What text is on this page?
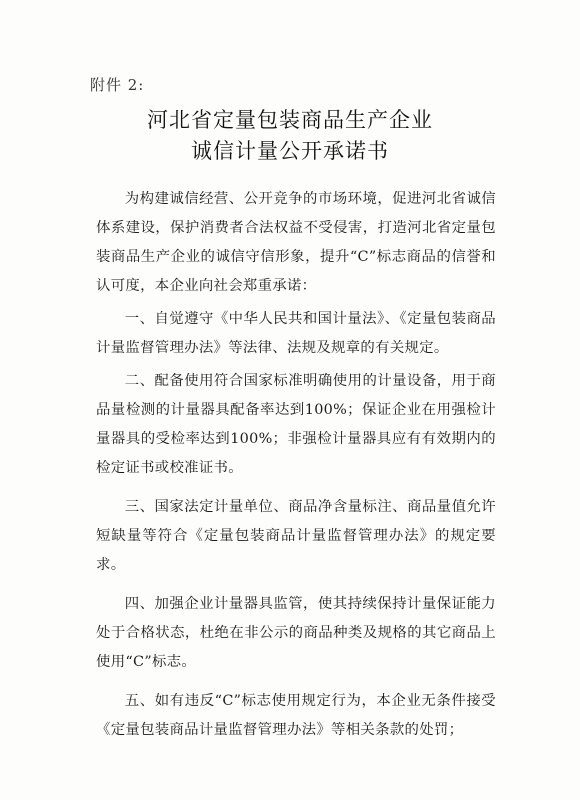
附件 2:
河北省定量包装商品生产企业
诚信计量公开承诺书

为构建诚信经营、公开竞争的市场环境，促进河北省诚信体系建设，保护消费者合法权益不受侵害，打造河北省定量包装商品生产企业的诚信守信形象，提升“C”标志商品的信誉和认可度，本企业向社会郑重承诺：

一、自觉遵守《中华人民共和国计量法》、《定量包装商品计量监督管理办法》等法律、法规及规章的有关规定。

二、配备使用符合国家标准明确使用的计量设备，用于商品量检测的计量器具配备率达到100%；保证企业在用强检计量器具的受检率达到100%；非强检计量器具应有有效期内的检定证书或校准证书。

三、国家法定计量单位、商品净含量标注、商品量值允许短缺量等符合《定量包装商品计量监督管理办法》的规定要求。

四、加强企业计量器具监管，使其持续保持计量保证能力处于合格状态，杜绝在非公示的商品种类及规格的其它商品上使用“C”标志。

五、如有违反“C”标志使用规定行为，本企业无条件接受《定量包装商品计量监督管理办法》等相关条款的处罚；
